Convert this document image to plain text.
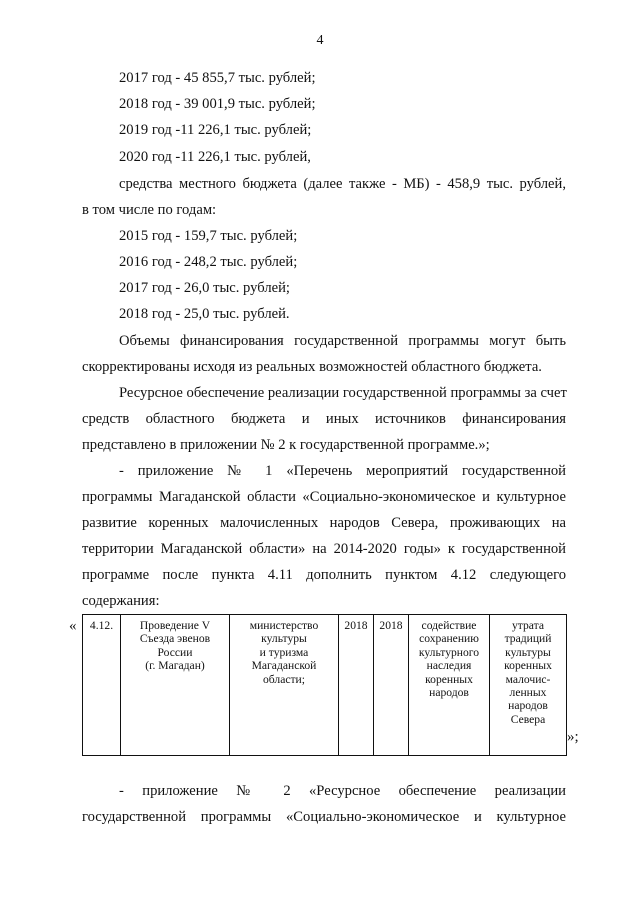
4
2017 год - 45 855,7 тыс. рублей;
2018 год - 39 001,9 тыс. рублей;
2019 год -11 226,1 тыс. рублей;
2020 год -11 226,1 тыс. рублей,
средства местного бюджета (далее также - МБ) - 458,9 тыс. рублей,
в том числе по годам:
2015 год - 159,7 тыс. рублей;
2016 год - 248,2 тыс. рублей;
2017 год - 26,0 тыс. рублей;
2018 год - 25,0 тыс. рублей.
Объемы финансирования государственной программы могут быть
скорректированы исходя из реальных возможностей областного бюджета.
Ресурсное обеспечение реализации государственной программы за счет
средств областного бюджета и иных источников финансирования
представлено в приложении № 2 к государственной программе.»;
- приложение № 1 «Перечень мероприятий государственной
программы Магаданской области «Социально-экономическое и культурное
развитие коренных малочисленных народов Севера, проживающих на
территории Магаданской области» на 2014-2020 годы» к государственной
программе после пункта 4.11 дополнить пунктом 4.12 следующего
содержания:
« 4.12.	Проведение V
Съезда эвенов
России
(г. Магадан)	министерство
культуры
и туризма
Магаданской
области;	2018	2018	содействие
сохранению
культурного
наследия
коренных
народов	утрата
традиций
культуры
коренных
малочис-
ленных
народов
Севера
»;
- приложение № 2 «Ресурсное обеспечение реализации
государственной программы «Социально-экономическое и культурное
